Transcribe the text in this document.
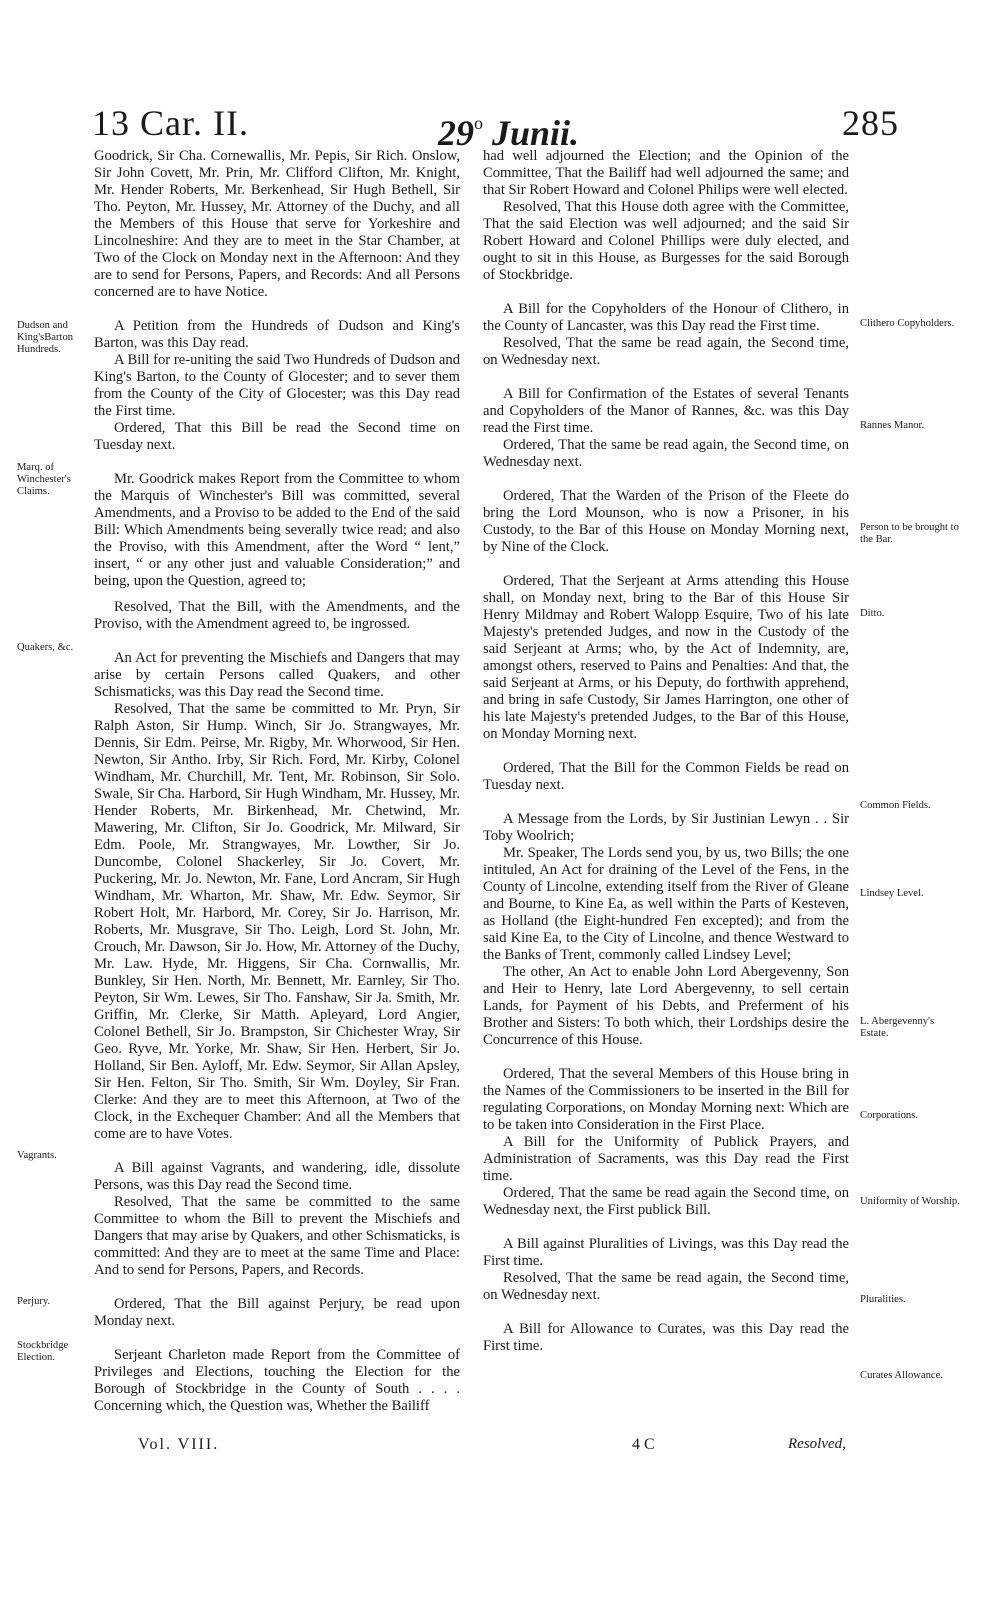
13 Car. II.	29$^o$ Junii.	285

Goodrick, Sir Cha. Cornewallis, Mr. Pepis, Sir Rich. Onslow, Sir John Covett, Mr. Prin, Mr. Clifford Clifton, Mr. Knight, Mr. Hender Roberts, Mr. Berkenhead, Sir Hugh Bethell, Sir Tho. Peyton, Mr. Hussey, Mr. Attorney of the Duchy, and all the Members of this House that serve for Yorkeshire and Lincolneshire: And they are to meet in the Star Chamber, at Two of the Clock on Monday next in the Afternoon: And they are to send for Persons, Papers, and Records: And all Persons concerned are to have Notice.

A Petition from the Hundreds of Dudson and King's Barton, was this Day read.

A Bill for re-uniting the said Two Hundreds of Dudson and King's Barton, to the County of Glocester; and to sever them from the County of the City of Glocester; was this Day read the First time.

Ordered, That this Bill be read the Second time on Tuesday next.

Mr. Goodrick makes Report from the Committee to whom the Marquis of Winchester's Bill was committed, several Amendments, and a Proviso to be added to the End of the said Bill: Which Amendments being severally twice read; and also the Proviso, with this Amendment, after the Word “ lent,” insert, “ or any other just and valuable Consideration;” and being, upon the Question, agreed to;

Resolved, That the Bill, with the Amendments, and the Proviso, with the Amendment agreed to, be ingrossed.

An Act for preventing the Mischiefs and Dangers that may arise by certain Persons called Quakers, and other Schismaticks, was this Day read the Second time.

Resolved, That the same be committed to Mr. Pryn, Sir Ralph Aston, Sir Hump. Winch, Sir Jo. Strangwayes, Mr. Dennis, Sir Edm. Peirse, Mr. Rigby, Mr. Whorwood, Sir Hen. Newton, Sir Antho. Irby, Sir Rich. Ford, Mr. Kirby, Colonel Windham, Mr. Churchill, Mr. Tent, Mr. Robinson, Sir Solo. Swale, Sir Cha. Harbord, Sir Hugh Windham, Mr. Hussey, Mr. Hender Roberts, Mr. Birkenhead, Mr. Chetwind, Mr. Mawering, Mr. Clifton, Sir Jo. Goodrick, Mr. Milward, Sir Edm. Poole, Mr. Strangwayes, Mr. Lowther, Sir Jo. Duncombe, Colonel Shackerley, Sir Jo. Covert, Mr. Puckering, Mr. Jo. Newton, Mr. Fane, Lord Ancram, Sir Hugh Windham, Mr. Wharton, Mr. Shaw, Mr. Edw. Seymor, Sir Robert Holt, Mr. Harbord, Mr. Corey, Sir Jo. Harrison, Mr. Roberts, Mr. Musgrave, Sir Tho. Leigh, Lord St. John, Mr. Crouch, Mr. Dawson, Sir Jo. How, Mr. Attorney of the Duchy, Mr. Law. Hyde, Mr. Higgens, Sir Cha. Cornwallis, Mr. Bunkley, Sir Hen. North, Mr. Bennett, Mr. Earnley, Sir Tho. Peyton, Sir Wm. Lewes, Sir Tho. Fanshaw, Sir Ja. Smith, Mr. Griffin, Mr. Clerke, Sir Matth. Apleyard, Lord Angier, Colonel Bethell, Sir Jo. Brampston, Sir Chichester Wray, Sir Geo. Ryve, Mr. Yorke, Mr. Shaw, Sir Hen. Herbert, Sir Jo. Holland, Sir Ben. Ayloff, Mr. Edw. Seymor, Sir Allan Apsley, Sir Hen. Felton, Sir Tho. Smith, Sir Wm. Doyley, Sir Fran. Clerke: And they are to meet this Afternoon, at Two of the Clock, in the Exchequer Chamber: And all the Members that come are to have Votes.

A Bill against Vagrants, and wandering, idle, dissolute Persons, was this Day read the Second time.

Resolved, That the same be committed to the same Committee to whom the Bill to prevent the Mischiefs and Dangers that may arise by Quakers, and other Schismaticks, is committed: And they are to meet at the same Time and Place: And to send for Persons, Papers, and Records.

Ordered, That the Bill against Perjury, be read upon Monday next.

Serjeant Charleton made Report from the Committee of Privileges and Elections, touching the Election for the Borough of Stockbridge in the County of South . . . . Concerning which, the Question was, Whether the Bailiff

had well adjourned the Election; and the Opinion of the Committee, That the Bailiff had well adjourned the same; and that Sir Robert Howard and Colonel Philips were well elected.

Resolved, That this House doth agree with the Committee, That the said Election was well adjourned; and the said Sir Robert Howard and Colonel Phillips were duly elected, and ought to sit in this House, as Burgesses for the said Borough of Stockbridge.

A Bill for the Copyholders of the Honour of Clithero, in the County of Lancaster, was this Day read the First time.

Resolved, That the same be read again, the Second time, on Wednesday next.

A Bill for Confirmation of the Estates of several Tenants and Copyholders of the Manor of Rannes, &c. was this Day read the First time.

Ordered, That the same be read again, the Second time, on Wednesday next.

Ordered, That the Warden of the Prison of the Fleete do bring the Lord Mounson, who is now a Prisoner, in his Custody, to the Bar of this House on Monday Morning next, by Nine of the Clock.

Ordered, That the Serjeant at Arms attending this House shall, on Monday next, bring to the Bar of this House Sir Henry Mildmay and Robert Walopp Esquire, Two of his late Majesty's pretended Judges, and now in the Custody of the said Serjeant at Arms; who, by the Act of Indemnity, are, amongst others, reserved to Pains and Penalties: And that, the said Serjeant at Arms, or his Deputy, do forthwith apprehend, and bring in safe Custody, Sir James Harrington, one other of his late Majesty's pretended Judges, to the Bar of this House, on Monday Morning next.

Ordered, That the Bill for the Common Fields be read on Tuesday next.

A Message from the Lords, by Sir Justinian Lewyn . . Sir Toby Woolrich;

Mr. Speaker, The Lords send you, by us, two Bills; the one intituled, An Act for draining of the Level of the Fens, in the County of Lincolne, extending itself from the River of Gleane and Bourne, to Kine Ea, as well within the Parts of Kesteven, as Holland (the Eight-hundred Fen excepted); and from the said Kine Ea, to the City of Lincolne, and thence Westward to the Banks of Trent, commonly called Lindsey Level;

The other, An Act to enable John Lord Abergevenny, Son and Heir to Henry, late Lord Abergevenny, to sell certain Lands, for Payment of his Debts, and Preferment of his Brother and Sisters: To both which, their Lordships desire the Concurrence of this House.

Ordered, That the several Members of this House bring in the Names of the Commissioners to be inserted in the Bill for regulating Corporations, on Monday Morning next: Which are to be taken into Consideration in the First Place.

A Bill for the Uniformity of Publick Prayers, and Administration of Sacraments, was this Day read the First time.

Ordered, That the same be read again the Second time, on Wednesday next, the First publick Bill.

A Bill against Pluralities of Livings, was this Day read the First time.

Resolved, That the same be read again, the Second time, on Wednesday next.

A Bill for Allowance to Curates, was this Day read the First time.

Dudson and King'sBarton Hundreds.
Marq. of Winchester's Claims.
Quakers, &c.
Vagrants.
Perjury.
Stockbridge Election.
Clithero Copyholders.
Rannes Manor.
Person to be brought to the Bar.
Ditto.
Common Fields.
Lindsey Level.
L. Abergevenny's Estate.
Corporations.
Uniformity of Worship.
Pluralities.
Curates Allowance.
Vol. VIII.	4 C	Resolved,
